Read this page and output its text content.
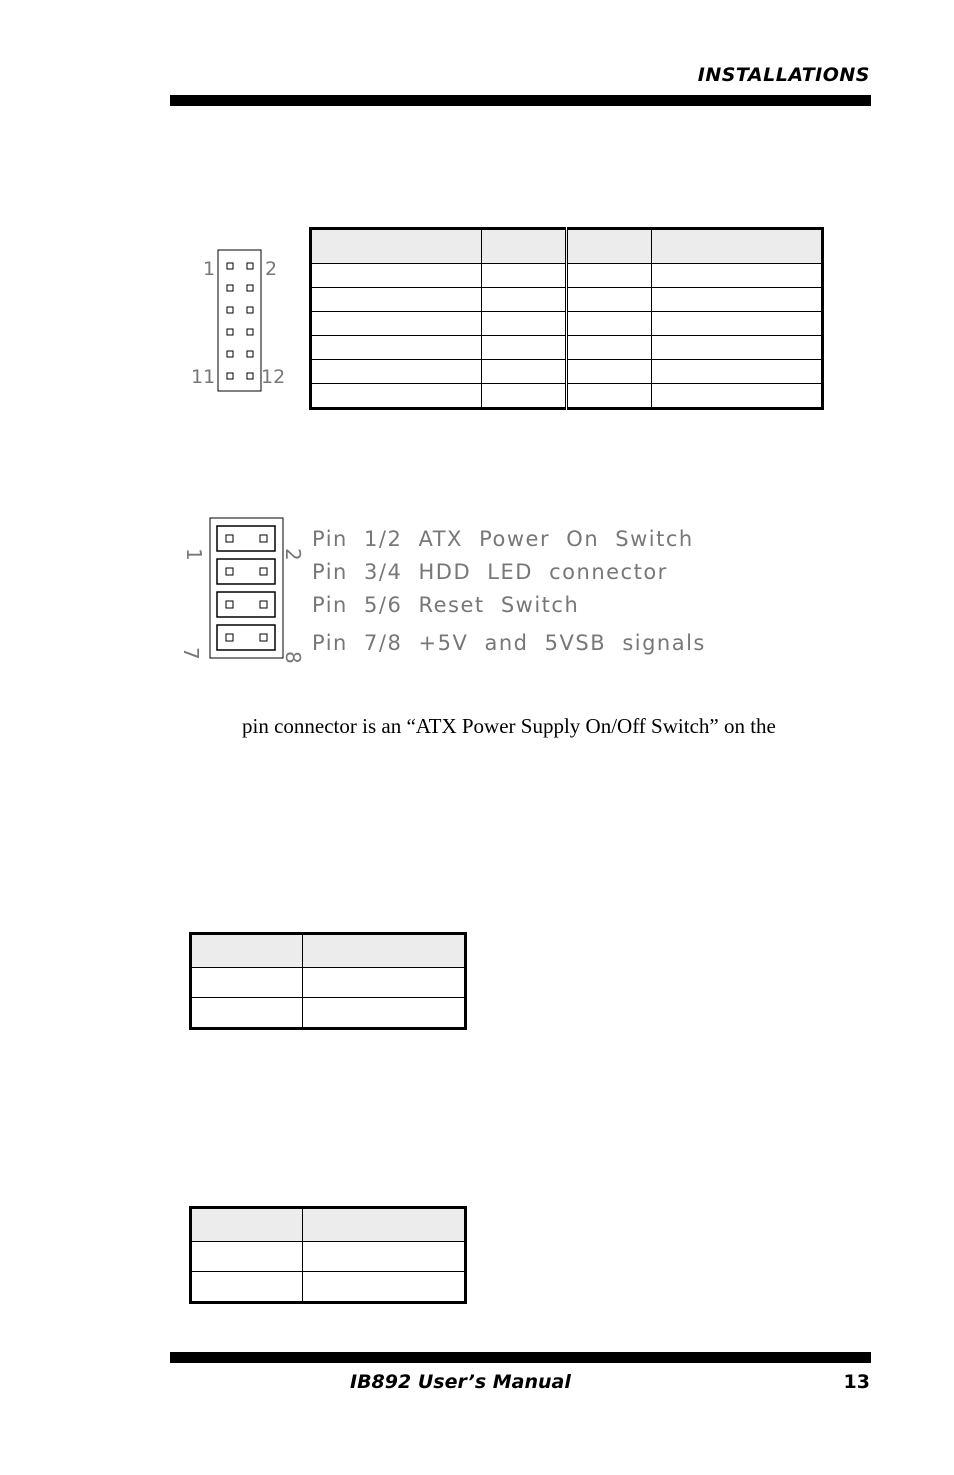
INSTALLATIONS
1	2
11 12
1	2
7	8
Pin 1/2 ATX Power On Switch
Pin 3/4 HDD LED connector
Pin 5/6 Reset Switch
Pin 7/8 +5V and 5VSB signals

pin connector is an “ATX Power Supply On/Off Switch” on the

IB892 User’s Manual	13
